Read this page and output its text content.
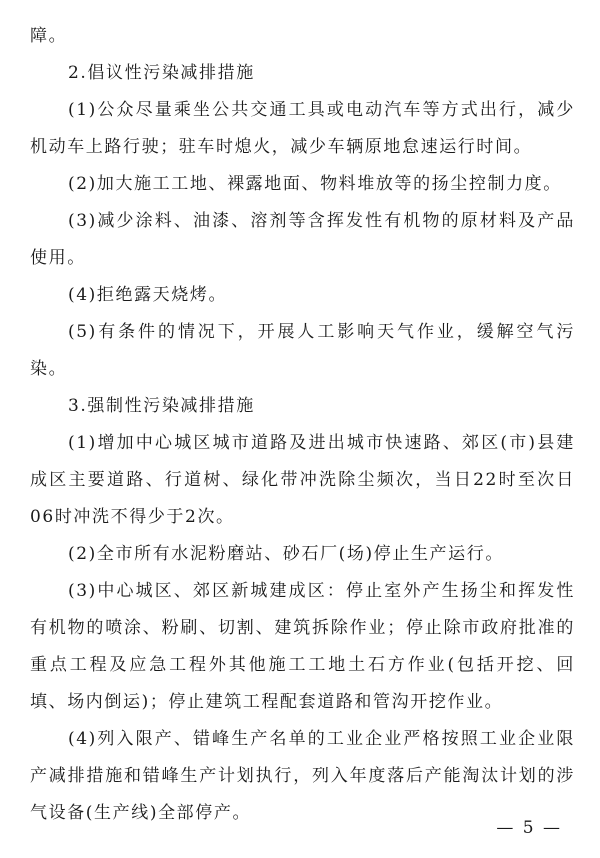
障。

2.倡议性污染减排措施

(1)公众尽量乘坐公共交通工具或电动汽车等方式出行，减少机动车上路行驶；驻车时熄火，减少车辆原地怠速运行时间。

(2)加大施工工地、裸露地面、物料堆放等的扬尘控制力度。

(3)减少涂料、油漆、溶剂等含挥发性有机物的原材料及产品使用。

(4)拒绝露天烧烤。

(5)有条件的情况下，开展人工影响天气作业，缓解空气污染。

3.强制性污染减排措施

(1)增加中心城区城市道路及进出城市快速路、郊区(市)县建成区主要道路、行道树、绿化带冲洗除尘频次，当日22时至次日06时冲洗不得少于2次。

(2)全市所有水泥粉磨站、砂石厂(场)停止生产运行。

(3)中心城区、郊区新城建成区：停止室外产生扬尘和挥发性有机物的喷涂、粉刷、切割、建筑拆除作业；停止除市政府批准的重点工程及应急工程外其他施工工地土石方作业(包括开挖、回填、场内倒运)；停止建筑工程配套道路和管沟开挖作业。

(4)列入限产、错峰生产名单的工业企业严格按照工业企业限产减排措施和错峰生产计划执行，列入年度落后产能淘汰计划的涉气设备(生产线)全部停产。

— 5 —
